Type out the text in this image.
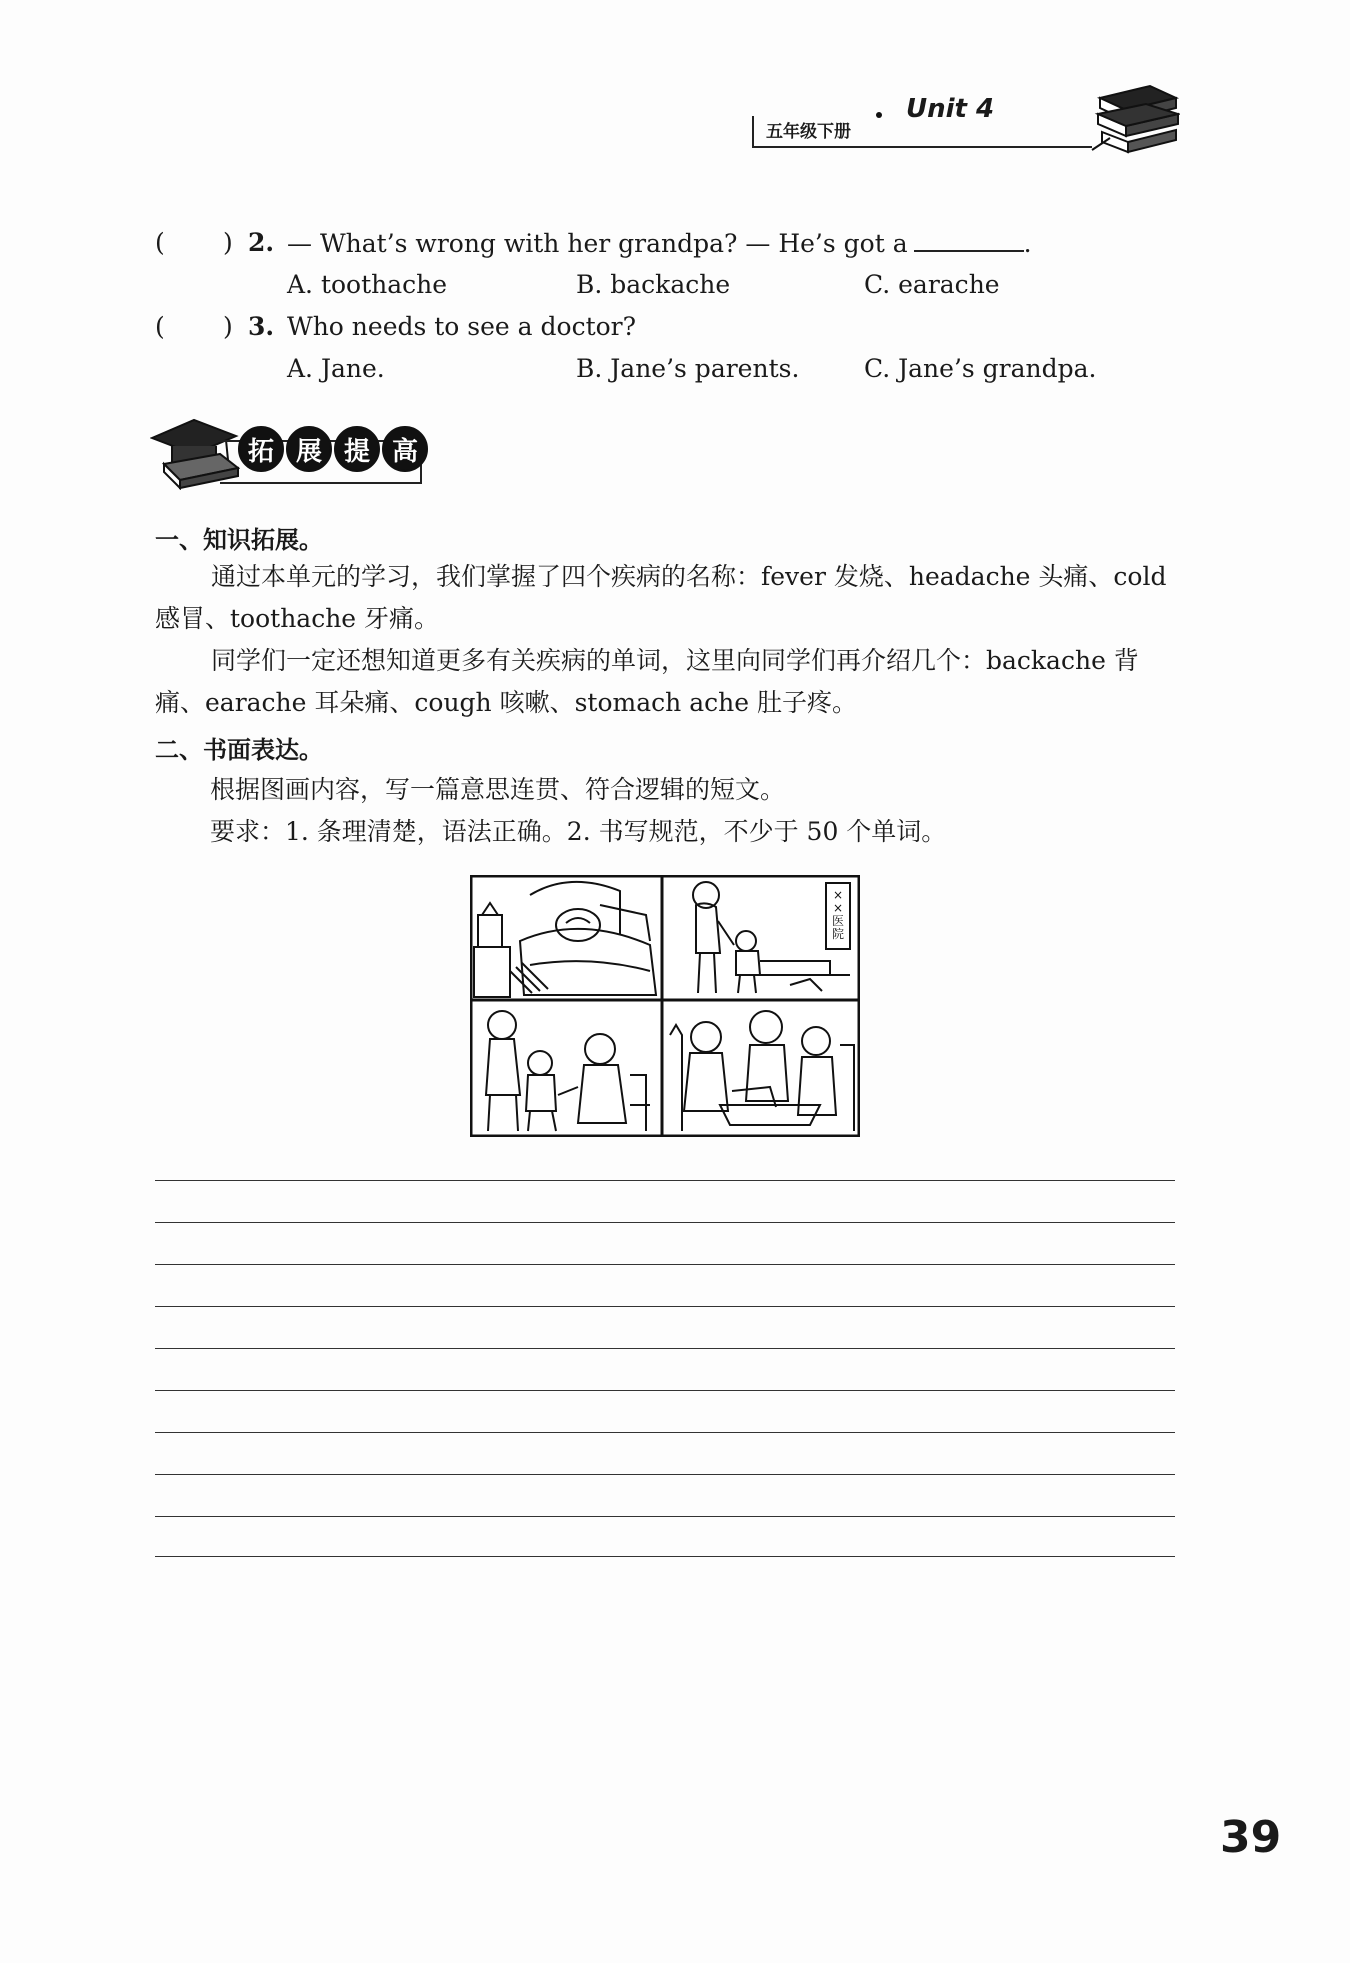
五年级下册
Unit 4
( ) 2. — What’s wrong with her grandpa? — He’s got a	.
A. toothache	B. backache	C. earache
( ) 3. Who needs to see a doctor?
A. Jane.	B. Jane’s parents.	C. Jane’s grandpa.
拓 展 提 高
一、知识拓展。
通过本单元的学习，我们掌握了四个疾病的名称：fever 发烧、headache 头痛、cold 感冒、toothache 牙痛。
同学们一定还想知道更多有关疾病的单词，这里向同学们再介绍几个：backache 背痛、earache 耳朵痛、cough 咳嗽、stomach ache 肚子疼。
二、书面表达。
根据图画内容，写一篇意思连贯、符合逻辑的短文。
要求：1. 条理清楚，语法正确。2. 书写规范，不少于 50 个单词。
× ×医院
39
